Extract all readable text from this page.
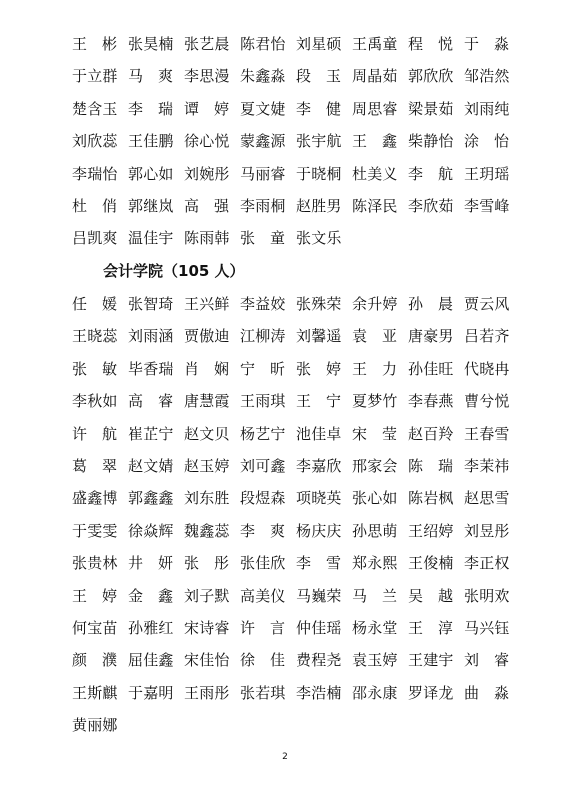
王彬
张昊楠 张艺晨 陈君怡 刘星硕 王禹童 程悦
于淼
于立群 马爽
李思漫 朱鑫淼 段玉
周晶茹 郭欣欣 邹浩然
楚含玉 李瑞
谭婷
夏文婕 李健
周思睿 梁景茹 刘雨纯
刘欣蕊 王佳鹏 徐心悦 蒙鑫源 张宇航 王鑫
柴静怡 涂怡
李瑞怡 郭心如 刘婉彤 马丽睿 于晓桐 杜美义 李航
王玥瑶
杜俏
郭继岚 高强
李雨桐 赵胜男 陈泽民 李欣茹 李雪峰
吕凯爽 温佳宇 陈雨韩 张童
张文乐
会计学院（105 人）
任媛
张智琦 王兴鲜 李益姣 张殊荣 余升婷 孙晨
贾云风
王晓蕊 刘雨涵 贾傲迪 江柳涛 刘馨遥 袁亚
唐豪男 吕若齐
张敏
毕香瑞 肖娴
宁昕
张婷
王力
孙佳旺 代晓冉
李秋如 高睿
唐慧霞 王雨琪 王宁
夏梦竹 李春燕 曹兮悦
许航
崔芷宁 赵文贝 杨艺宁 池佳卓 宋莹
赵百羚 王春雪
葛翠
赵文婧 赵玉婷 刘可鑫 李嘉欣 邢家会 陈瑞
李茉祎
盛鑫博 郭鑫鑫 刘东胜 段煜森 项晓英 张心如 陈岩枫 赵思雪
于雯雯 徐焱辉 魏鑫蕊 李爽
杨庆庆 孙思萌 王绍婷 刘昱彤
张贵林 井妍
张彤
张佳欣 李雪
郑永熙 王俊楠 李正权
王婷
金鑫
刘子默 高美仪 马巍荣 马兰
吴越
张明欢
何宝苗 孙雅红 宋诗睿 许言
仲佳瑶 杨永堂 王淳
马兴钰
颜濮
屈佳鑫 宋佳怡 徐佳
费程尧 袁玉婷 王建宇 刘睿
王斯麒 于嘉明 王雨彤 张若琪 李浩楠 邵永康 罗译龙 曲淼
黄丽娜
2
